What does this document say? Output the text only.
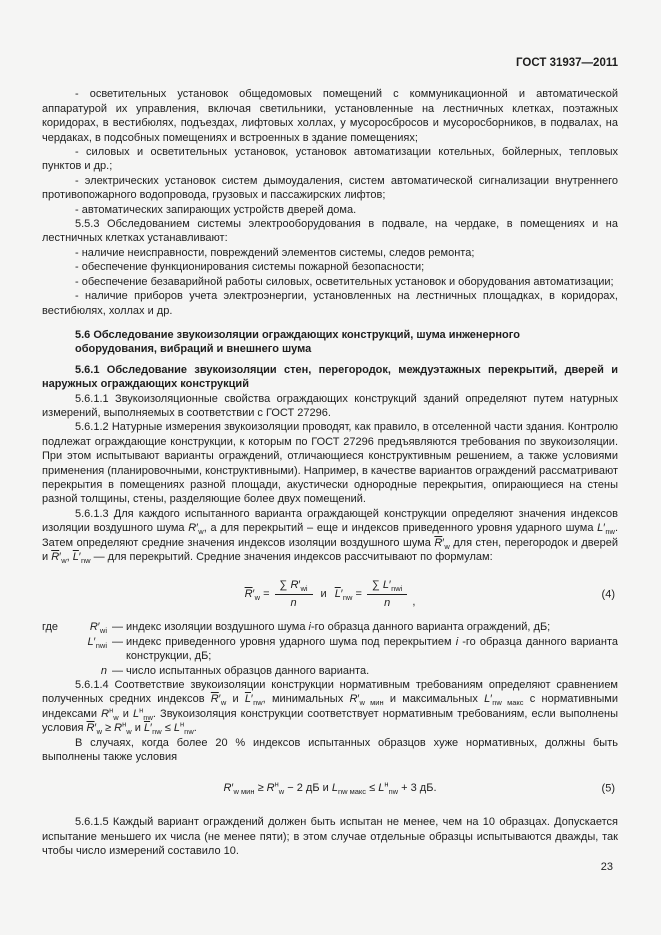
ГОСТ 31937—2011

- осветительных установок общедомовых помещений с коммуникационной и автоматической аппаратурой их управления, включая светильники, установленные на лестничных клетках, поэтажных коридорах, в вестибюлях, подъездах, лифтовых холлах, у мусоросбросов и мусоросборников, в подвалах, на чердаках, в подсобных помещениях и встроенных в здание помещениях;

- силовых и осветительных установок, установок автоматизации котельных, бойлерных, тепловых пунктов и др.;

- электрических установок систем дымоудаления, систем автоматической сигнализации внутреннего противопожарного водопровода, грузовых и пассажирских лифтов;

- автоматических запирающих устройств дверей дома.

5.5.3 Обследованием системы электрооборудования в подвале, на чердаке, в помещениях и на лестничных клетках устанавливают:

- наличие неисправности, повреждений элементов системы, следов ремонта;

- обеспечение функционирования системы пожарной безопасности;

- обеспечение безаварийной работы силовых, осветительных установок и оборудования автоматизации;

- наличие приборов учета электроэнергии, установленных на лестничных площадках, в коридорах, вестибюлях, холлах и др.

5.6 Обследование звукоизоляции ограждающих конструкций, шума инженерного оборудования, вибраций и внешнего шума

5.6.1 Обследование звукоизоляции стен, перегородок, междуэтажных перекрытий, дверей и наружных ограждающих конструкций

5.6.1.1 Звукоизоляционные свойства ограждающих конструкций зданий определяют путем натурных измерений, выполняемых в соответствии с ГОСТ 27296.

5.6.1.2 Натурные измерения звукоизоляции проводят, как правило, в отселенной части здания. Контролю подлежат ограждающие конструкции, к которым по ГОСТ 27296 предъявляются требования по звукоизоляции. При этом испытывают варианты ограждений, отличающиеся конструктивным решением, а также условиями применения (планировочными, конструктивными). Например, в качестве вариантов ограждений рассматривают перекрытия в помещениях разной площади, акустически однородные перекрытия, опирающиеся на стены разной толщины, стены, разделяющие более двух помещений.

5.6.1.3 Для каждого испытанного варианта ограждающей конструкции определяют значения индексов изоляции воздушного шума $R'_w$, а для перекрытий – еще и индексов приведенного уровня ударного шума $L'_{nw}$. Затем определяют средние значения индексов изоляции воздушного шума $\overline{R}'_w$ для стен, перегородок и дверей и $\overline{R}'_w$, $\overline{L}'_{nw}$ — для перекрытий. Средние значения индексов рассчитывают по формулам:

$\overline{R}'_w = \frac{\sum R'_{wi}}{n}$ и $\overline{L}'_{nw} = \frac{\sum L'_{nwi}}{n}$ ,
(4)
где	$R'_{wi}$ — индекс изоляции воздушного шума i-го образца данного варианта ограждений, дБ;
$L'_{nwi}$ — индекс приведенного уровня ударного шума под перекрытием i -го образца данного варианта конструкции, дБ;
n — число испытанных образцов данного варианта.

5.6.1.4 Соответствие звукоизоляции конструкции нормативным требованиям определяют сравнением полученных средних индексов $\overline{R}'_w$ и $\overline{L}'_{nw}$, минимальных $R'_{w мин}$ и максимальных $L'_{nw макс}$ с нормативными индексами $R^н_w$ и $L^н_{nw}$. Звукоизоляция конструкции соответствует нормативным требованиям, если выполнены условия $\overline{R}'_w \ge R^н_w$ и $\overline{L}'_{nw} \le L^н_{nw}$.

В случаях, когда более 20 % индексов испытанных образцов хуже нормативных, должны быть выполнены также условия

$R'_{w мин} \ge R^н_w - 2$ дБ и $L_{nw макс} \le L^н_{nw} + 3$ дБ.	(5)

5.6.1.5 Каждый вариант ограждений должен быть испытан не менее, чем на 10 образцах. Допускается испытание меньшего их числа (не менее пяти); в этом случае отдельные образцы испытываются дважды, так чтобы число измерений составило 10.

23
